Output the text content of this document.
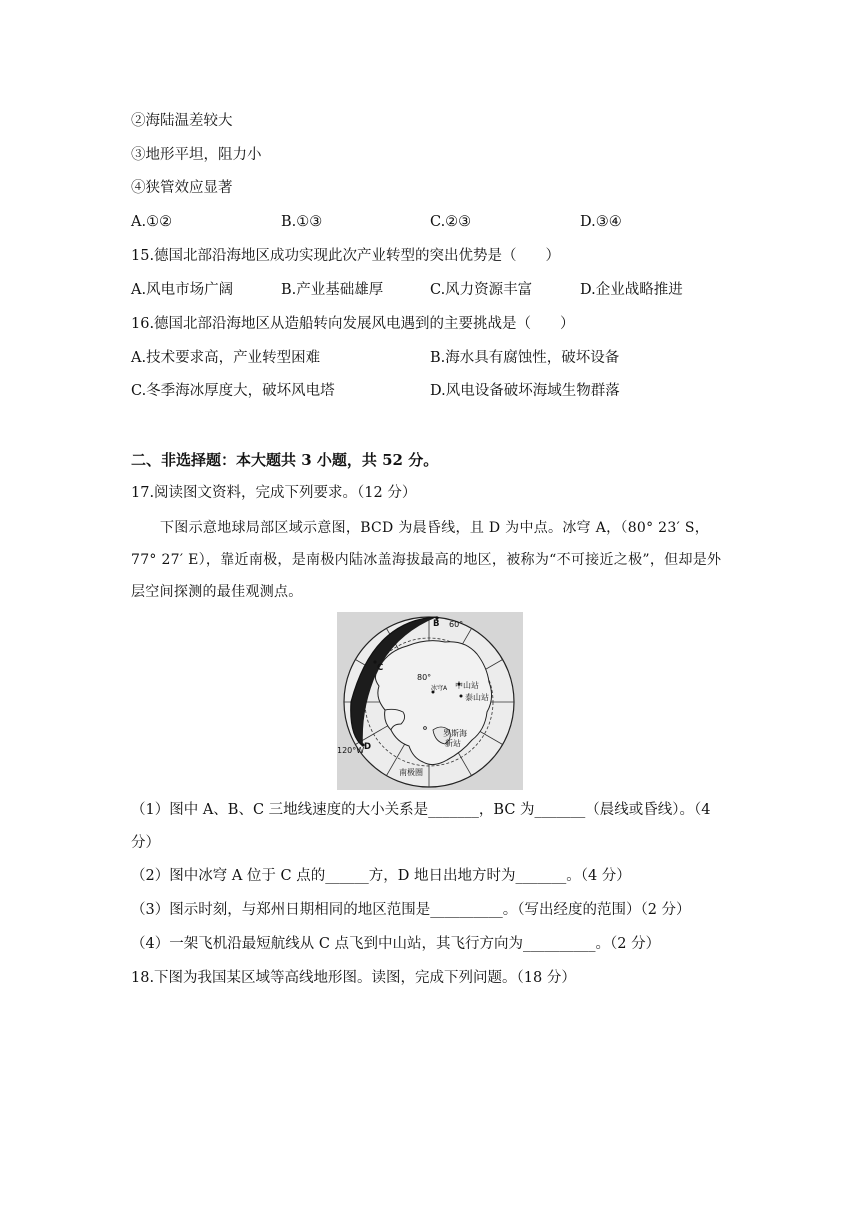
②海陆温差较大
③地形平坦，阻力小
④狭管效应显著
A.①②	B.①③	C.②③	D.③④
15.德国北部沿海地区成功实现此次产业转型的突出优势是（　　）
A.风电市场广阔	B.产业基础雄厚	C.风力资源丰富	D.企业战略推进
16.德国北部沿海地区从造船转向发展风电遇到的主要挑战是（　　）
A.技术要求高，产业转型困难	B.海水具有腐蚀性，破坏设备
C.冬季海冰厚度大，破坏风电塔	D.风电设备破坏海域生物群落
二、非选择题：本大题共 3 小题，共 52 分。
17.阅读图文资料，完成下列要求。（12 分）
下图示意地球局部区域示意图，BCD 为晨昏线，且 D 为中点。冰穹 A，（80° 23′ S，77° 27′ E），靠近南极，是南极内陆冰盖海拔最高的地区，被称为“不可接近之极”，但却是外层空间探测的最佳观测点。
B 60°
C
80°
中山站
冰穹A
泰山站
罗斯海
新站
D
120°W
南极圈
（1）图中 A、B、C 三地线速度的大小关系是_______，BC 为_______（晨线或昏线）。（4
分）
（2）图中冰穹 A 位于 C 点的______方，D 地日出地方时为_______。（4 分）
（3）图示时刻，与郑州日期相同的地区范围是__________。（写出经度的范围）（2 分）
（4）一架飞机沿最短航线从 C 点飞到中山站，其飞行方向为__________。（2 分）
18.下图为我国某区域等高线地形图。读图，完成下列问题。（18 分）
